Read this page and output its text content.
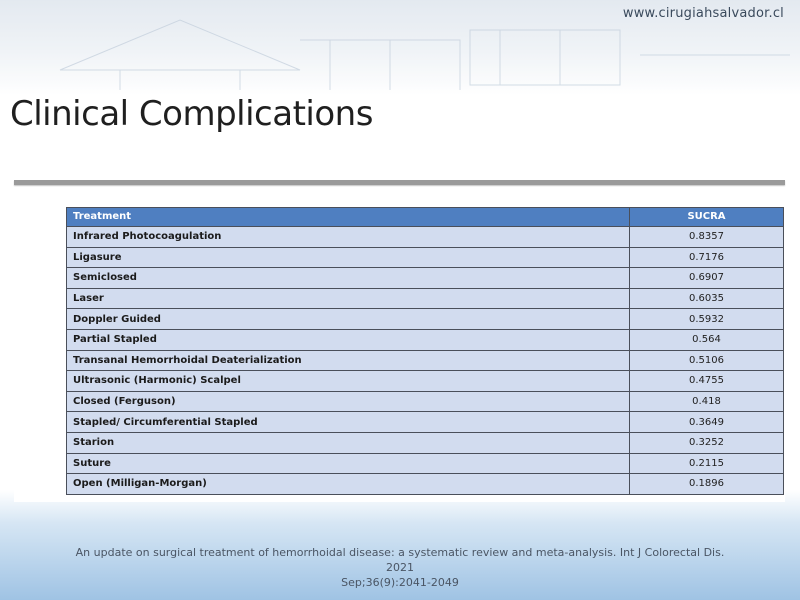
www.cirugiahsalvador.cl
Clinical Complications
Treatment	SUCRA
Infrared Photocoagulation	0.8357
Ligasure	0.7176
Semiclosed	0.6907
Laser	0.6035
Doppler Guided	0.5932
Partial Stapled	0.564
Transanal Hemorrhoidal Deaterialization	0.5106
Ultrasonic (Harmonic) Scalpel	0.4755
Closed (Ferguson)	0.418
Stapled/ Circumferential Stapled	0.3649
Starion	0.3252
Suture	0.2115
Open (Milligan-Morgan)	0.1896
An update on surgical treatment of hemorrhoidal disease: a systematic review and meta-analysis. Int J Colorectal Dis. 2021
Sep;36(9):2041-2049
